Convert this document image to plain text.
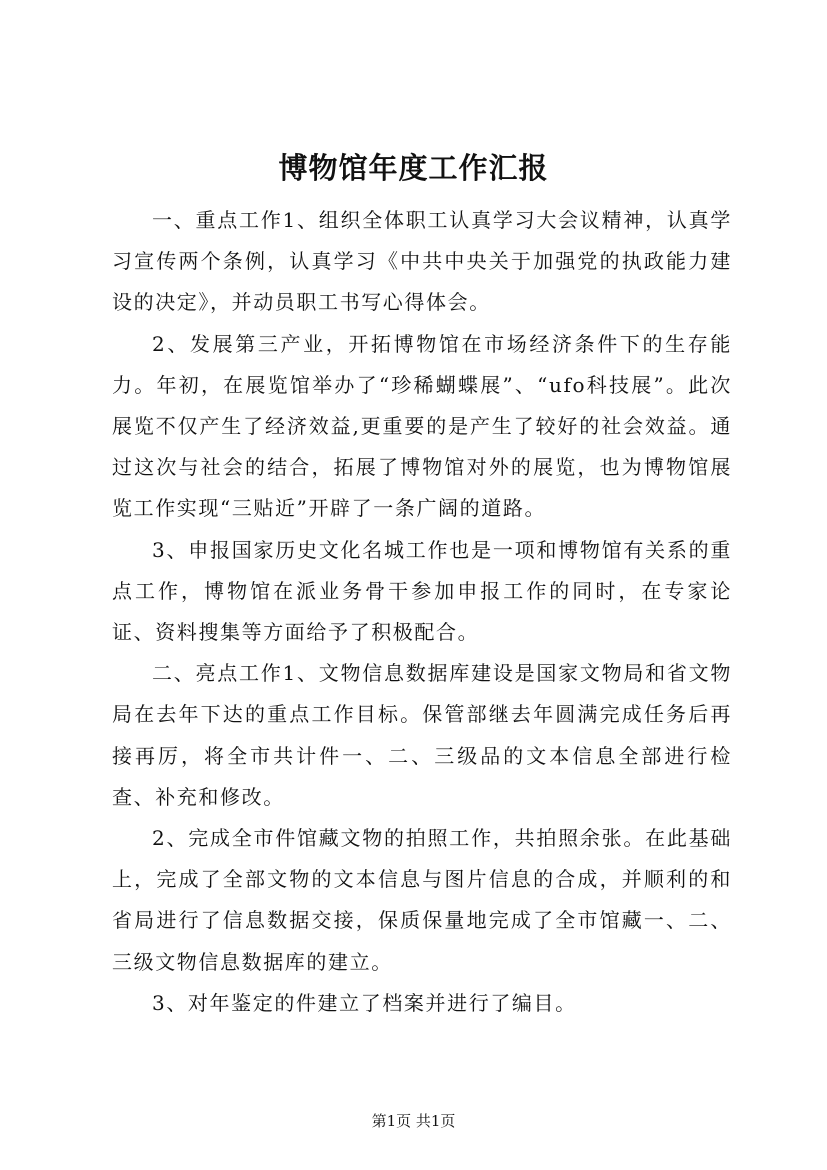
博物馆年度工作汇报

一、重点工作1、组织全体职工认真学习大会议精神，认真学习宣传两个条例，认真学习《中共中央关于加强党的执政能力建设的决定》，并动员职工书写心得体会。

2、发展第三产业，开拓博物馆在市场经济条件下的生存能力。年初，在展览馆举办了“珍稀蝴蝶展”、“ufo科技展”。此次展览不仅产生了经济效益,更重要的是产生了较好的社会效益。通过这次与社会的结合，拓展了博物馆对外的展览，也为博物馆展览工作实现“三贴近”开辟了一条广阔的道路。

3、申报国家历史文化名城工作也是一项和博物馆有关系的重点工作，博物馆在派业务骨干参加申报工作的同时，在专家论证、资料搜集等方面给予了积极配合。

二、亮点工作1、文物信息数据库建设是国家文物局和省文物局在去年下达的重点工作目标。保管部继去年圆满完成任务后再接再厉，将全市共计件一、二、三级品的文本信息全部进行检查、补充和修改。

2、完成全市件馆藏文物的拍照工作，共拍照余张。在此基础上，完成了全部文物的文本信息与图片信息的合成，并顺利的和省局进行了信息数据交接，保质保量地完成了全市馆藏一、二、三级文物信息数据库的建立。

3、对年鉴定的件建立了档案并进行了编目。

第1页 共1页
